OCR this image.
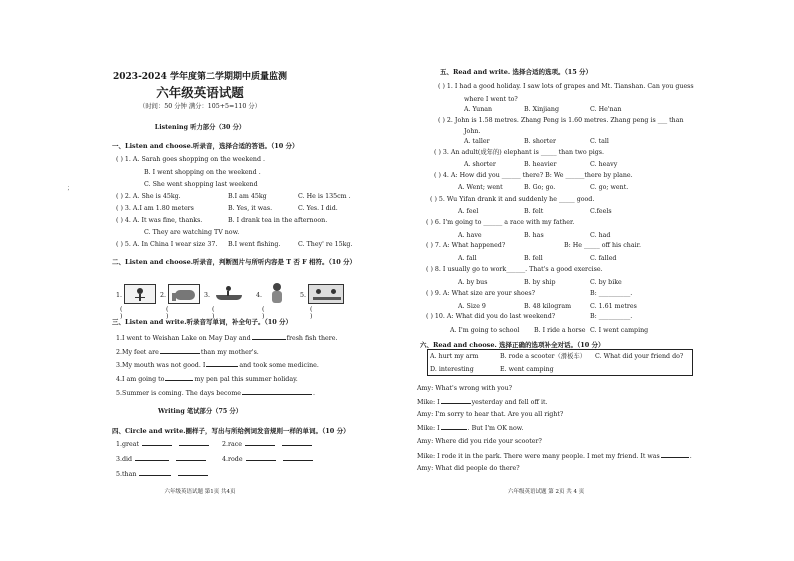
2023-2024 学年度第二学期期中质量监测
六年级英语试题
（时间：50 分钟 满分：105+5=110 分）
Listening 听力部分（30 分）
一、Listen and choose.听录音，选择合适的答语。（10 分）
( ) 1. A. Sarah goes shopping on the weekend .
B. I went shopping on the weekend .
C. She went shopping last weekend
；
( ) 2. A. She is 45kg.	B.I am 45kg	C. He is 135cm .
( ) 3. A.I am 1.80 meters	B. Yes, it was.	C. Yes. I did.
( ) 4. A. It was fine, thanks.	B. I drank tea in the afternoon.
C. They are watching TV now.
( ) 5. A. In China I wear size 37. B.I went fishing.	C. They' re 15kg.
二、Listen and choose.听录音，判断图片与所听内容是 T 否 F 相符。（10 分）
1.	2.	3.	4.	5.
( )
( )
( )
( )
( )
三、Listen and write.听录音写单词，补全句子。（10 分）
1.I went to Weishan Lake on May Day and	fresh fish there.
2.My feet are	than my mother's.
3.My mouth was not good. I	and took some medicine.
4.I am going to	my pen pal this summer holiday.
5.Summer is coming. The days become	.
Writing 笔试部分（75 分）
四、Circle and write.圈样子，写出与所给例词发音规则一样的单词。（10 分）
1.great	2.race
3.did	4.rode
5.than
六年级英语试题 第1页 共4页
五、Read and write. 选择合适的选项。（15 分）
( ) 1. I had a good holiday. I saw lots of grapes and Mt. Tianshan. Can you guess
where I went to?
A. Yunan	B. Xinjiang	C. He'nan
( ) 2. John is 1.58 metres. Zhang Peng is 1.60 metres. Zhang peng is ___ than
John.
A. taller	B. shorter	C. tall
( ) 3. An adult(成年的) elephant is _____ than two pigs.
A. shorter	B. heavier	C. heavy
( ) 4. A: How did you ______ there? B: We ______there by plane.
A. Went; went	B. Go; go.	C. go; went.
( ) 5. Wu Yifan drank it and suddenly he _____ good.
A. feel	B. felt	C.feels
( ) 6. I'm going to ______ a race with my father.
A. have	B. has	C. had
( ) 7. A: What happened?	B: He _____ off his chair.
A. fall	B. fell	C. falled
( ) 8. I usually go to work______. That's a good exercise.
A. by bus	B. by ship	C. by bike
( ) 9. A: What size are your shoes?	B: __________.
A. Size 9	B. 48 kilogram	C. 1.61 metres
( ) 10. A: What did you do last weekend?	B: __________.
A. I'm going to school B. I ride a horse C. I went camping
六、Read and choose. 选择正确的选项补全对话。（10 分）
A. hurt my arm	B. rode a scooter（滑板车） C. What did your friend do?
D. interesting	E. went camping
Amy: What's wrong with you?
Mike: I	yesterday and fell off it.
Amy: I'm sorry to hear that. Are you all right?
Mike: I	. But I'm OK now.
Amy: Where did you ride your scooter?
Mike: I rode it in the park. There were many people. I met my friend. It was	.
Amy: What did people do there?
六年级英语试题 第 2页 共 4 页
